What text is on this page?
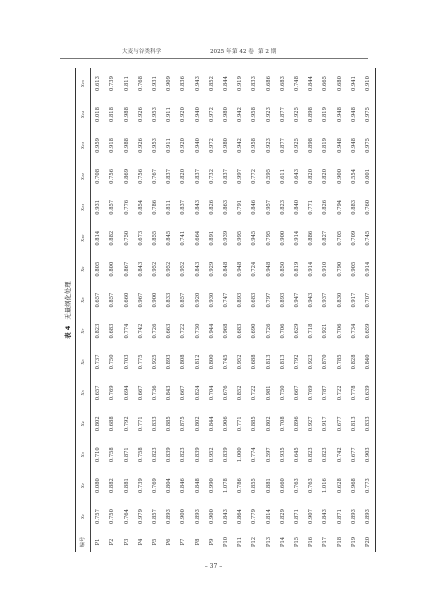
大麦与谷类科学	2025 年 第 42 卷 第 2 期
表 4无量纲化处理
编号	x₁	x₂	x₃	x₄	x₅	x₆	x₇	x₈	x₉	x₁₀	x₁₁	x₁₂	x₁₃	x₁₄	x₁₅
P1	0.757	0.080	0.710	0.802	0.657	0.737	0.823	0.657	0.805	0.814	0.931	0.708	0.959	0.018	0.613
P2	0.750	0.882	0.758	0.688	0.769	0.750	0.683	0.857	0.800	0.882	0.857	0.756	0.918	0.818	0.739
P3	0.764	0.881	0.871	0.792	0.694	0.703	0.774	0.660	0.867	0.750	0.776	0.869	0.988	0.988	0.811
P4	0.979	0.739	0.758	0.771	0.667	0.775	0.742	0.967	0.843	0.673	0.854	0.756	0.926	0.926	0.768
P5	0.857	0.769	0.823	0.833	0.736	0.925	0.726	0.900	0.952	0.855	0.786	0.767	0.953	0.953	0.931
P6	0.893	0.804	0.839	0.885	0.843	0.893	0.663	0.833	0.952	0.845	0.811	0.837	0.911	0.911	0.909
P7	0.900	0.846	0.823	0.875	0.667	0.808	0.722	0.857	0.952	0.741	0.837	0.820	0.920	0.920	0.836
P8	0.893	0.848	0.839	0.802	0.824	0.812	0.730	0.920	0.843	0.664	0.843	0.837	0.940	0.940	0.943
P9	0.900	0.990	0.952	0.844	0.704	0.800	0.944	0.930	0.929	0.891	0.826	0.732	0.972	0.972	0.852
P10	0.843	1.078	0.839	0.906	0.676	0.745	0.968	0.747	0.848	0.939	0.863	0.837	0.980	0.980	0.844
P11	0.864	0.786	1.000	0.771	0.852	0.952	0.683	0.893	0.948	0.995	0.791	0.997	0.942	0.942	0.919
P12	0.779	0.855	0.774	0.885	0.722	0.688	0.690	0.683	0.724	0.945	0.846	0.772	0.958	0.958	0.833
P13	0.814	0.881	0.597	0.802	0.981	0.813	0.726	0.797	0.948	0.795	0.957	0.595	0.923	0.923	0.686
P14	0.829	0.660	0.935	0.708	0.750	0.813	0.706	0.893	0.850	0.900	0.823	0.611	0.877	0.877	0.683
P15	0.871	0.763	0.645	0.896	0.667	0.792	0.629	0.947	0.819	0.914	0.840	0.643	0.925	0.925	0.748
P16	0.907	0.763	0.823	0.927	0.769	0.923	0.718	0.943	0.914	0.886	0.771	0.820	0.898	0.898	0.844
P17	0.843	1.016	0.823	0.917	0.787	0.870	0.921	0.937	0.910	0.827	0.826	0.820	0.819	0.819	0.665
P18	0.871	0.628	0.742	0.677	0.722	0.785	0.706	0.830	0.790	0.705	0.794	0.900	0.948	0.948	0.680
P19	0.893	0.968	0.677	0.813	0.778	0.828	0.734	0.917	0.905	0.709	0.883	0.554	0.948	0.948	0.941
P20	0.893	0.773	0.903	0.833	0.639	0.840	0.659	0.707	0.914	0.745	0.760	0.001	0.975	0.975	0.910
– 37 –
